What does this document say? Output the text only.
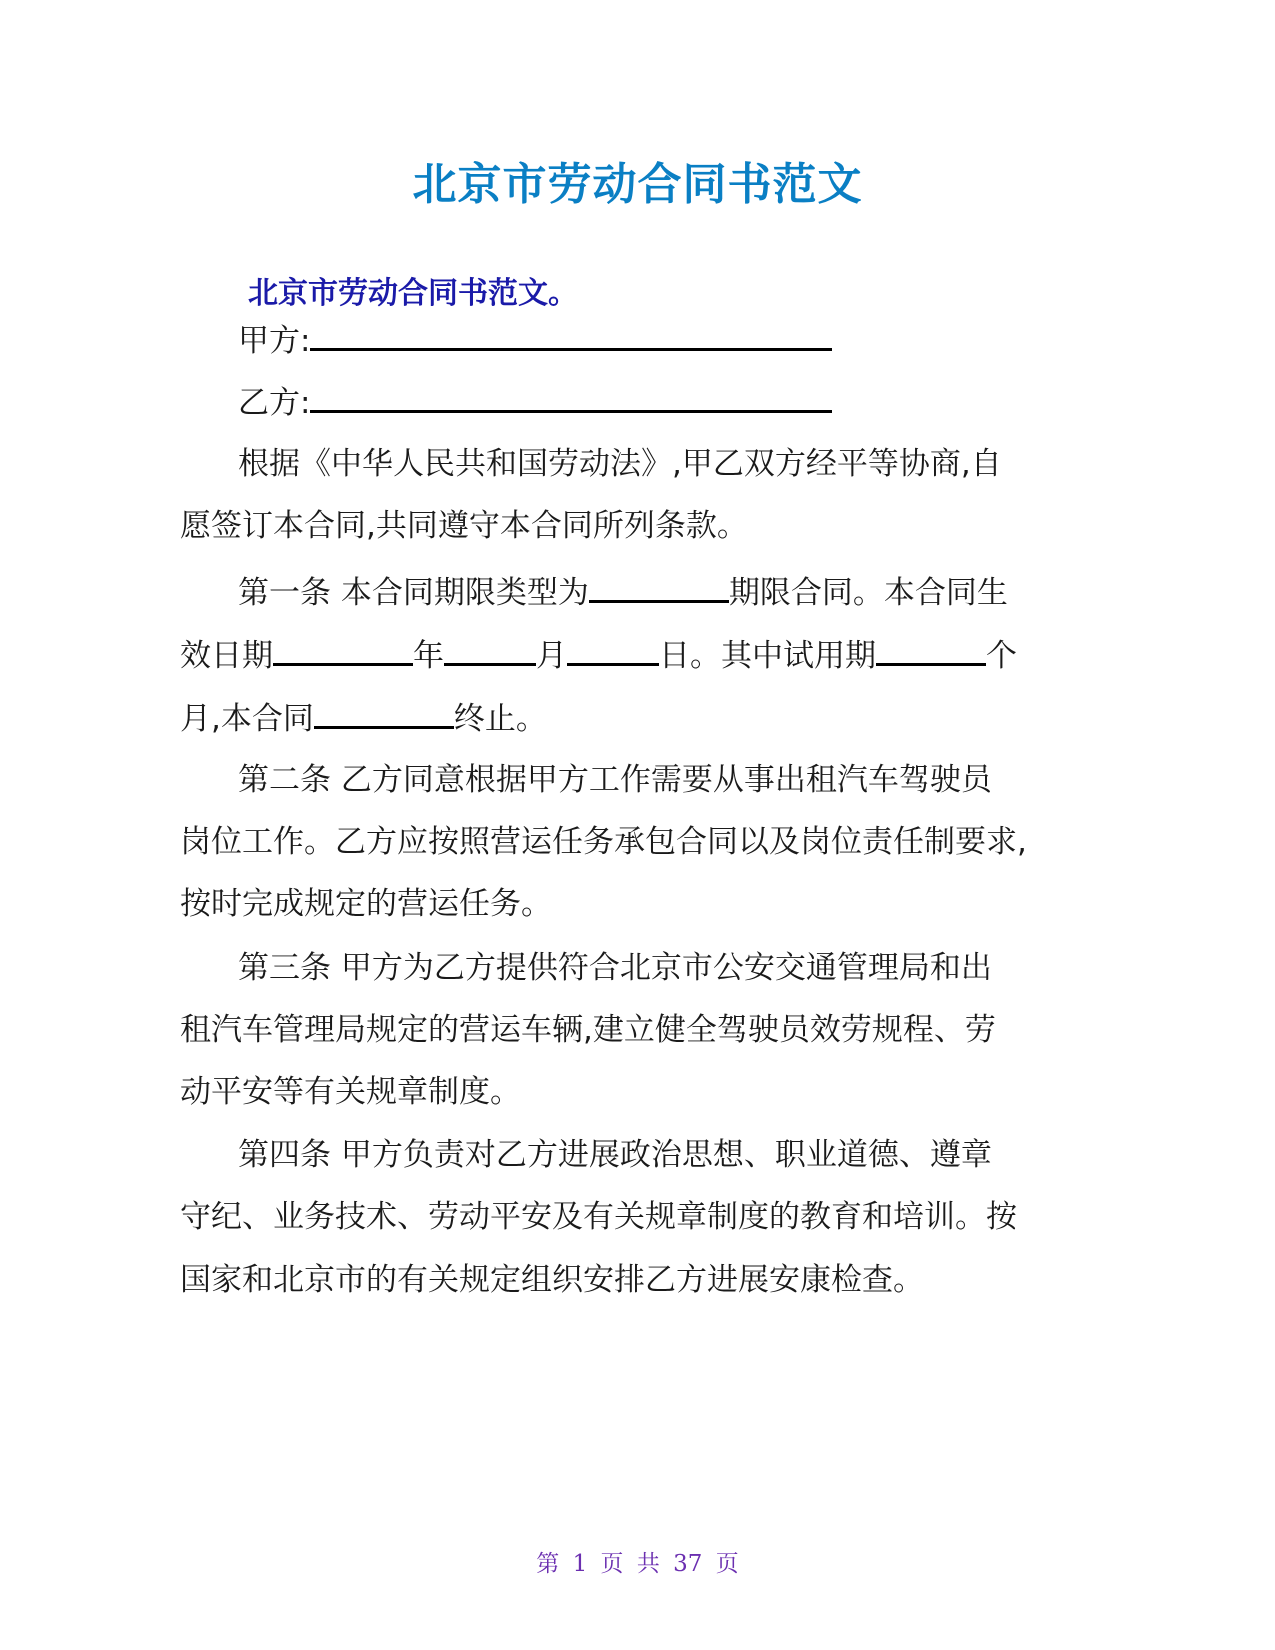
北京市劳动合同书范文
北京市劳动合同书范文。
甲方:
乙方:
根据《中华人民共和国劳动法》,甲乙双方经平等协商,自
愿签订本合同,共同遵守本合同所列条款。
第一条 本合同期限类型为	期限合同。本合同生
效日期	年	月	日。其中试用期	个
月,本合同	终止。
第二条 乙方同意根据甲方工作需要从事出租汽车驾驶员
岗位工作。乙方应按照营运任务承包合同以及岗位责任制要求,
按时完成规定的营运任务。
第三条 甲方为乙方提供符合北京市公安交通管理局和出
租汽车管理局规定的营运车辆,建立健全驾驶员效劳规程、劳
动平安等有关规章制度。
第四条 甲方负责对乙方进展政治思想、职业道德、遵章
守纪、业务技术、劳动平安及有关规章制度的教育和培训。按
国家和北京市的有关规定组织安排乙方进展安康检查。
第 1 页 共 37 页
